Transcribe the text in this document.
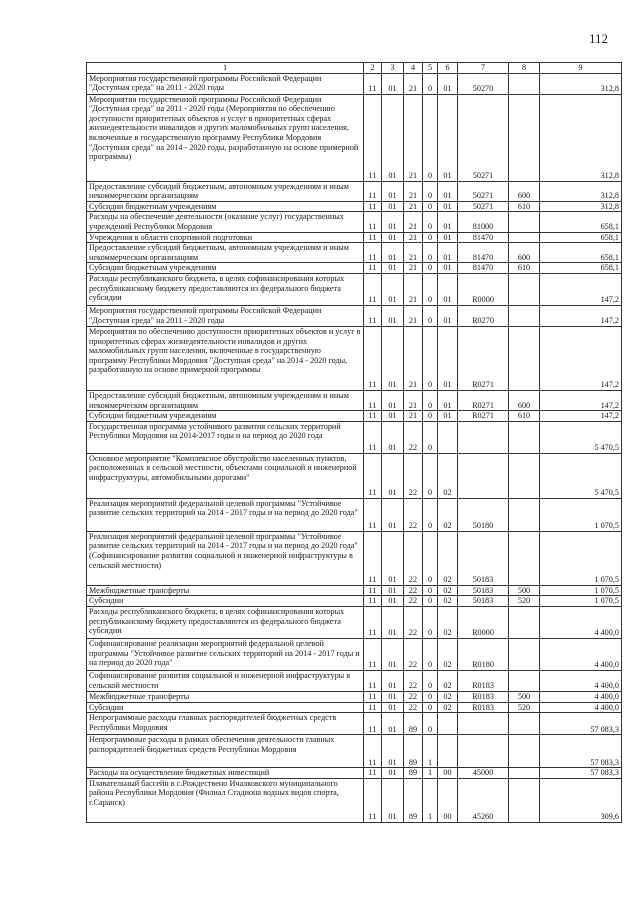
112
1	2	3	4	5	6	7	8	9
Мероприятия государственной программы Российской Федерации "Доступная среда" на 2011 - 2020 годы	11	01	21	0	01	50270		312,8
Мероприятия государственной программы Российской Федерации "Доступная среда" на 2011 - 2020 годы (Мероприятия по обеспечению доступности приоритетных объектов и услуг в приоритетных сферах жизнедеятельности инвалидов и других маломобильных групп населения, включенные в государственную программу Республики Мордовия "Доступная среда" на 2014 - 2020 годы, разработанную на основе примерной программы)	11	01	21	0	01	50271		312,8
Предоставление субсидий бюджетным, автономным учреждениям и иным некоммерческим организациям	11	01	21	0	01	50271	600	312,8
Субсидии бюджетным учреждениям	11	01	21	0	01	50271	610	312,8
Расходы на обеспечение деятельности (оказание услуг) государственных учреждений Республики Мордовия	11	01	21	0	01	81000		658,1
Учреждения в области спортивной подготовки	11	01	21	0	01	81470		658,1
Предоставление субсидий бюджетным, автономным учреждениям и иным некоммерческим организациям	11	01	21	0	01	81470	600	658,1
Субсидии бюджетным учреждениям	11	01	21	0	01	81470	610	658,1
Расходы республиканского бюджета, в целях софинансирования которых республиканскому бюджету предоставляются из федерального бюджета субсидии	11	01	21	0	01	R0000		147,2
Мероприятия государственной программы Российской Федерации "Доступная среда" на 2011 - 2020 годы	11	01	21	0	01	R0270		147,2
Мероприятия по обеспечению доступности приоритетных объектов и услуг в приоритетных сферах жизнедеятельности инвалидов и других маломобильных групп населения, включенные в государственную программу Республики Мордовия "Доступная среда" на 2014 - 2020 годы, разработанную на основе примерной программы	11	01	21	0	01	R0271		147,2
Предоставление субсидий бюджетным, автономным учреждениям и иным некоммерческим организациям	11	01	21	0	01	R0271	600	147,2
Субсидии бюджетным учреждениям	11	01	21	0	01	R0271	610	147,2
Государственная программа устойчивого развития сельских территорий Республики Мордовия на 2014-2017 годы и на период до 2020 года	11	01	22	0				5 470,5
Основное мероприятие "Комплексное обустройство населенных пунктов, расположенных в сельской местности, объектами социальной и инженерной инфраструктуры, автомобильными дорогами"	11	01	22	0	02			5 470,5
Реализация мероприятий федеральной целевой программы "Устойчивое развитие сельских территорий на 2014 - 2017 годы и на период до 2020 года"	11	01	22	0	02	50180		1 070,5
Реализация мероприятий федеральной целевой программы "Устойчивое развитие сельских территорий на 2014 - 2017 годы и на период до 2020 года" (Софинансирование развития социальной и инженерной инфраструктуры в сельской местности)	11	01	22	0	02	50183		1 070,5
Межбюджетные трансферты	11	01	22	0	02	50183	500	1 070,5
Субсидии	11	01	22	0	02	50183	520	1 070,5
Расходы республиканского бюджета, в целях софинансирования которых республиканскому бюджету предоставляются из федерального бюджета субсидии	11	01	22	0	02	R0000		4 400,0
Софинансирование реализации мероприятий федеральной целевой программы "Устойчивое развитие сельских территорий на 2014 - 2017 годы и на период до 2020 года"	11	01	22	0	02	R0180		4 400,0
Софинансирование развития социальной и инженерной инфраструктуры в сельской местности	11	01	22	0	02	R0183		4 400,0
Межбюджетные трансферты	11	01	22	0	02	R0183	500	4 400,0
Субсидии	11	01	22	0	02	R0183	520	4 400,0
Непрограммные расходы главных распорядителей бюджетных средств Республики Мордовия	11	01	89	0				57 083,3
Непрограммные расходы в рамках обеспечения деятельности главных распорядителей бюджетных средств Республики Мордовия	11	01	89	1				57 083,3
Расходы на осуществление бюджетных инвестиций	11	01	89	1	00	45000		57 083,3
Плавательный бассейн в с.Рождествено Ичалковского муниципального района Республики Мордовия (Филиал Стадиона водных видов спорта, г.Саранск)	11	01	89	1	00	45260		309,6
